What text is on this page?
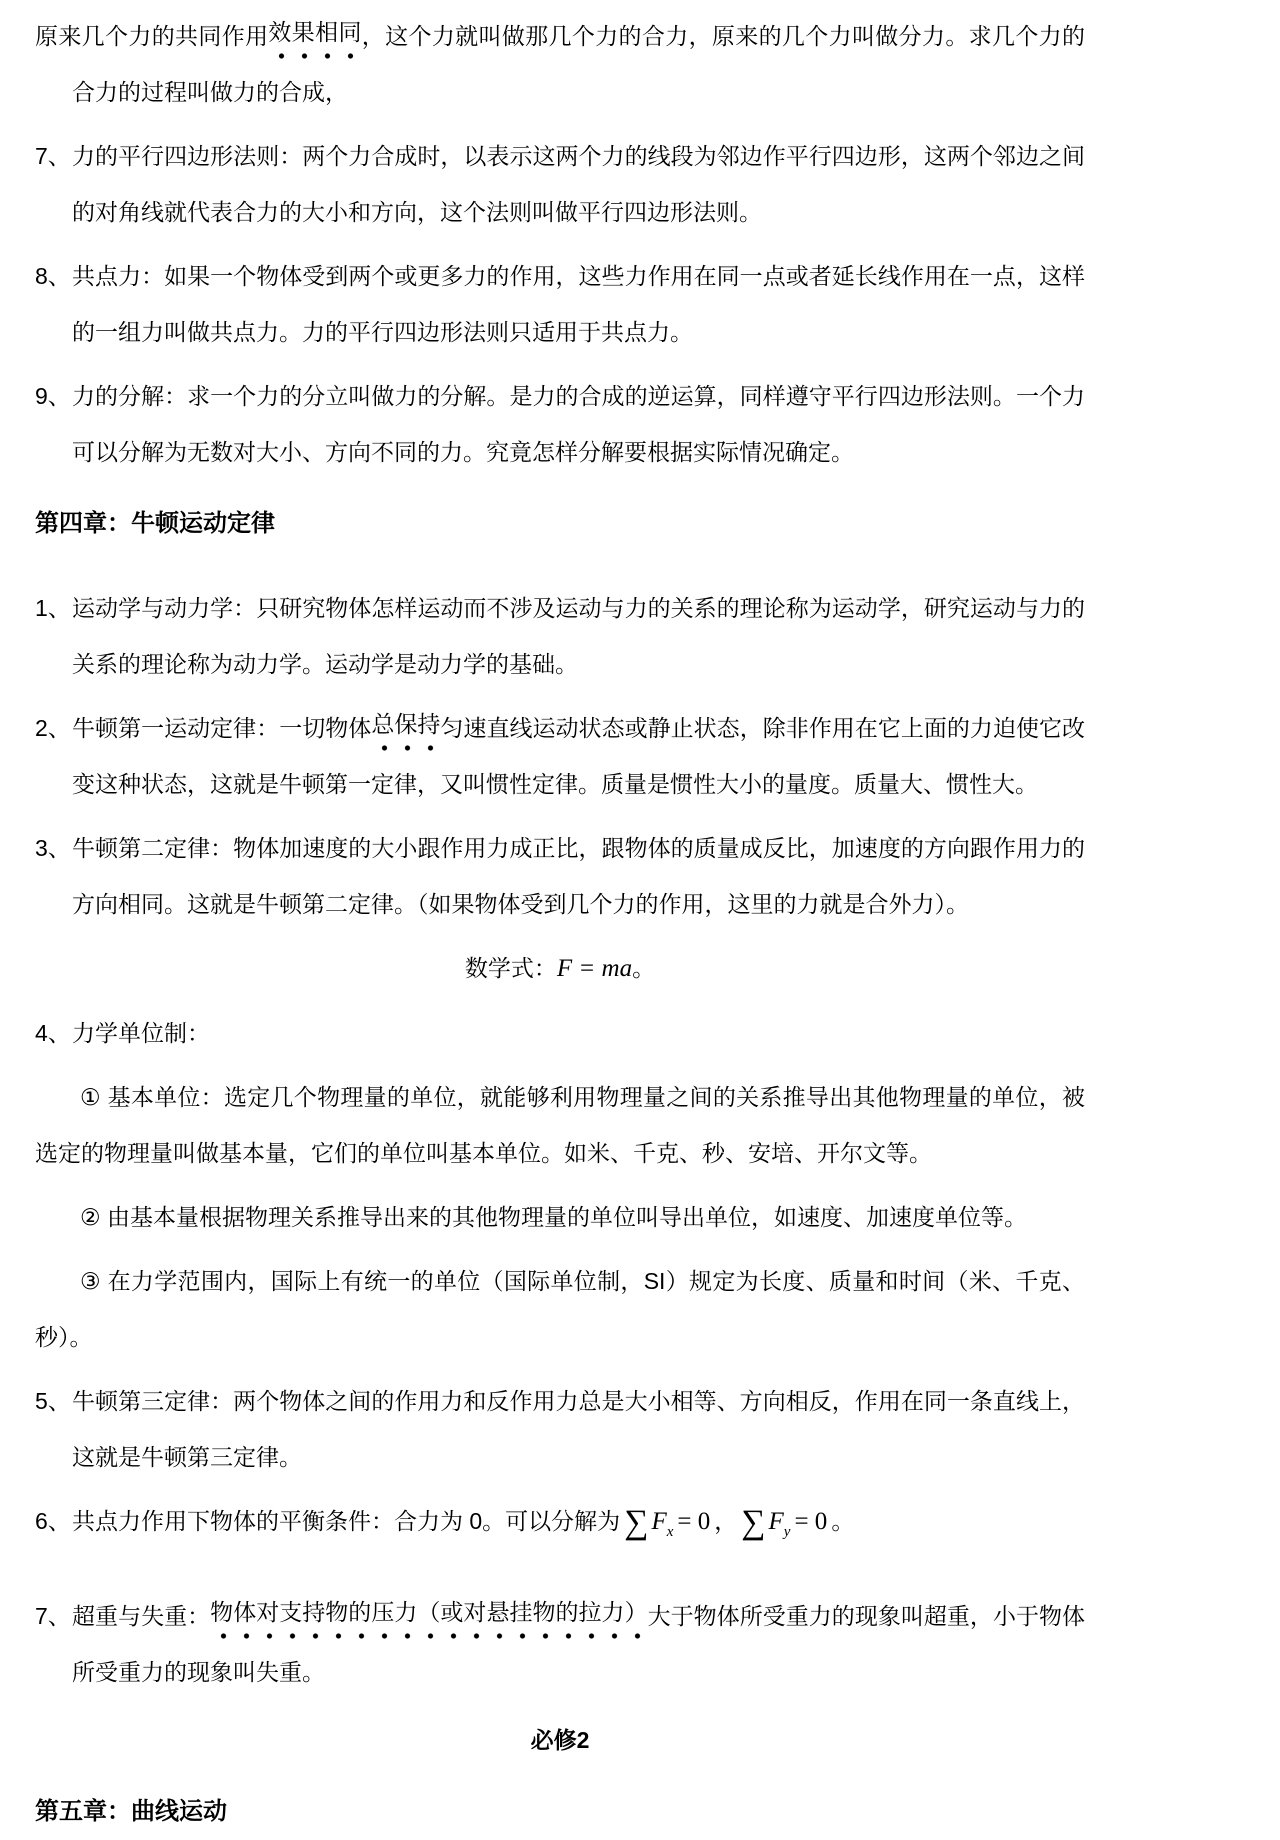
原来几个力的共同作用效果相同，这个力就叫做那几个力的合力，原来的几个力叫做分力。求几个力的合力的过程叫做力的合成，

7、力的平行四边形法则：两个力合成时，以表示这两个力的线段为邻边作平行四边形，这两个邻边之间的对角线就代表合力的大小和方向，这个法则叫做平行四边形法则。

8、共点力：如果一个物体受到两个或更多力的作用，这些力作用在同一点或者延长线作用在一点，这样的一组力叫做共点力。力的平行四边形法则只适用于共点力。

9、力的分解：求一个力的分立叫做力的分解。是力的合成的逆运算，同样遵守平行四边形法则。一个力可以分解为无数对大小、方向不同的力。究竟怎样分解要根据实际情况确定。

第四章：牛顿运动定律

1、运动学与动力学：只研究物体怎样运动而不涉及运动与力的关系的理论称为运动学，研究运动与力的关系的理论称为动力学。运动学是动力学的基础。

2、牛顿第一运动定律：一切物体总保持匀速直线运动状态或静止状态，除非作用在它上面的力迫使它改变这种状态，这就是牛顿第一定律，又叫惯性定律。质量是惯性大小的量度。质量大、惯性大。

3、牛顿第二定律：物体加速度的大小跟作用力成正比，跟物体的质量成反比，加速度的方向跟作用力的方向相同。这就是牛顿第二定律。（如果物体受到几个力的作用，这里的力就是合外力）。

数学式：F = ma。

4、力学单位制：

① 基本单位：选定几个物理量的单位，就能够利用物理量之间的关系推导出其他物理量的单位，被选定的物理量叫做基本量，它们的单位叫基本单位。如米、千克、秒、安培、开尔文等。

② 由基本量根据物理关系推导出来的其他物理量的单位叫导出单位，如速度、加速度单位等。

③ 在力学范围内，国际上有统一的单位（国际单位制，SI）规定为长度、质量和时间（米、千克、秒）。

5、牛顿第三定律：两个物体之间的作用力和反作用力总是大小相等、方向相反，作用在同一条直线上，这就是牛顿第三定律。

6、共点力作用下物体的平衡条件：合力为 0。可以分解为 ∑ $F_x = 0$ ， ∑ $F_y = 0$ 。

7、超重与失重：物体对支持物的压力（或对悬挂物的拉力）大于物体所受重力的现象叫超重，小于物体所受重力的现象叫失重。

必修2

第五章：曲线运动
